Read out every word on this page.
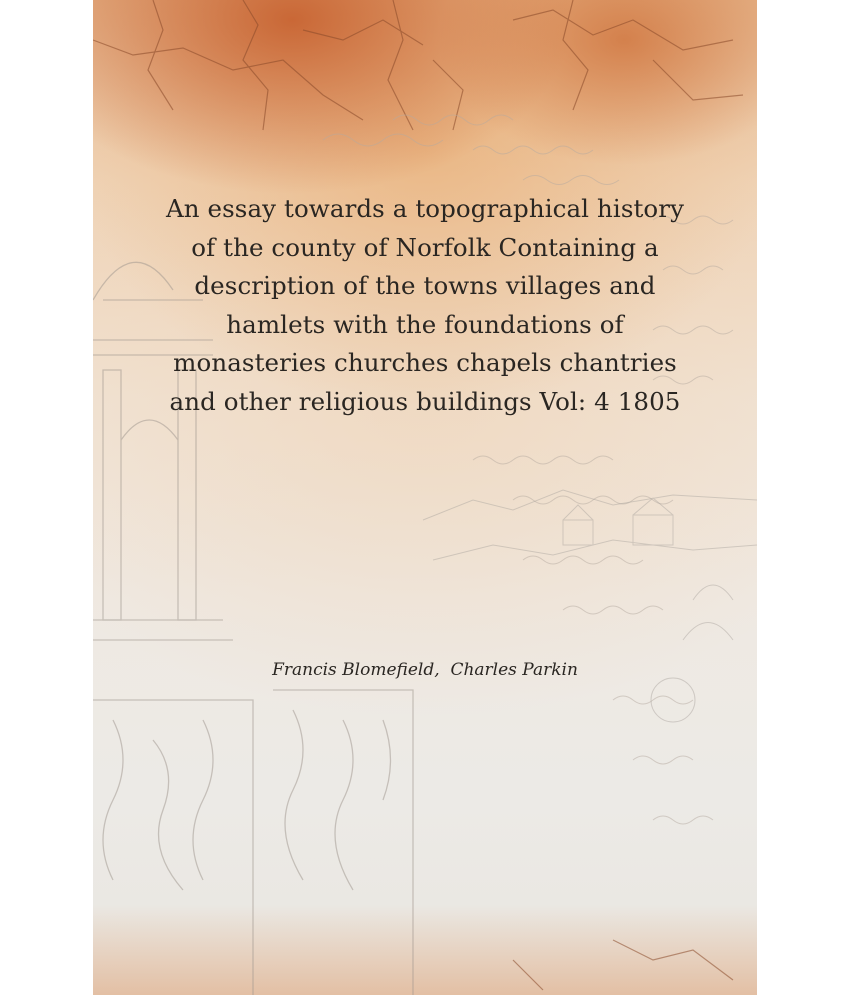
An essay towards a topographical history
of the county of Norfolk Containing a
description of the towns villages and
hamlets with the foundations of
monasteries churches chapels chantries
and other religious buildings Vol: 4 1805
Francis Blomefield,  Charles Parkin
